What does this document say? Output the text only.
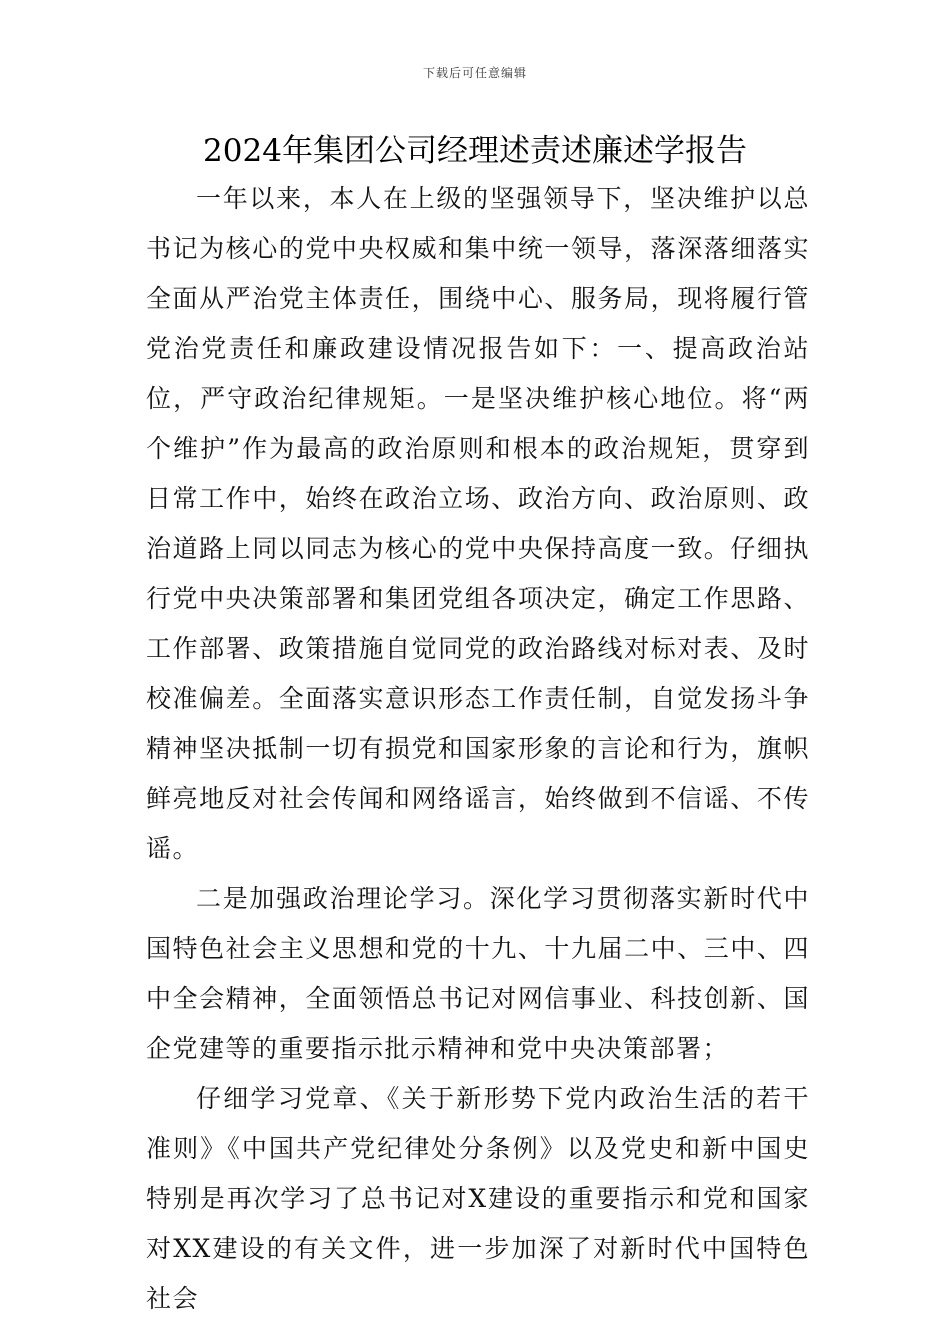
下载后可任意编辑
2024年集团公司经理述责述廉述学报告

一年以来，本人在上级的坚强领导下，坚决维护以总书记为核心的党中央权威和集中统一领导，落深落细落实全面从严治党主体责任，围绕中心、服务局，现将履行管党治党责任和廉政建设情况报告如下：一、提高政治站位，严守政治纪律规矩。一是坚决维护核心地位。将“两个维护”作为最高的政治原则和根本的政治规矩，贯穿到日常工作中，始终在政治立场、政治方向、政治原则、政治道路上同以同志为核心的党中央保持高度一致。仔细执行党中央决策部署和集团党组各项决定，确定工作思路、工作部署、政策措施自觉同党的政治路线对标对表、及时校准偏差。全面落实意识形态工作责任制，自觉发扬斗争精神坚决抵制一切有损党和国家形象的言论和行为，旗帜鲜亮地反对社会传闻和网络谣言，始终做到不信谣、不传谣。

二是加强政治理论学习。深化学习贯彻落实新时代中国特色社会主义思想和党的十九、十九届二中、三中、四中全会精神，全面领悟总书记对网信事业、科技创新、国企党建等的重要指示批示精神和党中央决策部署；

仔细学习党章、《关于新形势下党内政治生活的若干准则》《中国共产党纪律处分条例》以及党史和新中国史特别是再次学习了总书记对X建设的重要指示和党和国家对XX建设的有关文件，进一步加深了对新时代中国特色社会
